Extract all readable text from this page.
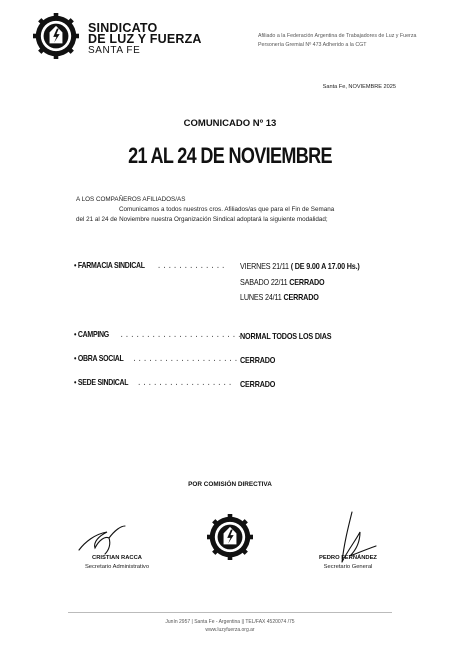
SINDICATO
DE LUZ Y FUERZA
SANTA FE
Afiliado a la Federación Argentina de Trabajadores de Luz y Fuerza
Personería Gremial Nº 473 Adherido a la CGT
Santa Fe, NOVIEMBRE 2025
COMUNICADO Nº 13
21 AL 24 DE NOVIEMBRE
A LOS COMPAÑEROS AFILIADOS/AS
Comunicamos a todos nuestros cros. Afiliados/as que para el Fin de Semana
del 21 al 24 de Noviembre nuestra Organización Sindical adoptará la siguiente modalidad;
• FARMACIA SINDICAL . . . . . . . . . . . . . VIERNES 21/11 ( DE 9.00 A 17.00 Hs.)
SABADO 22/11 CERRADO
LUNES 24/11 CERRADO
• CAMPING . . . . . . . . . . . . . . . . . . . . . . .
NORMAL TODOS LOS DIAS
• OBRA SOCIAL . . . . . . . . . . . . . . . . . . . . CERRADO
• SEDE SINDICAL . . . . . . . . . . . . . . . . . . CERRADO
POR COMISIÓN DIRECTIVA
CRISTIAN RACCA
Secretario Administrativo
PEDRO FERNÁNDEZ
Secretario General
Junín 2957 | Santa Fe - Argentina || TEL/FAX 4520074 /75
www.luzyfuerza.org.ar
